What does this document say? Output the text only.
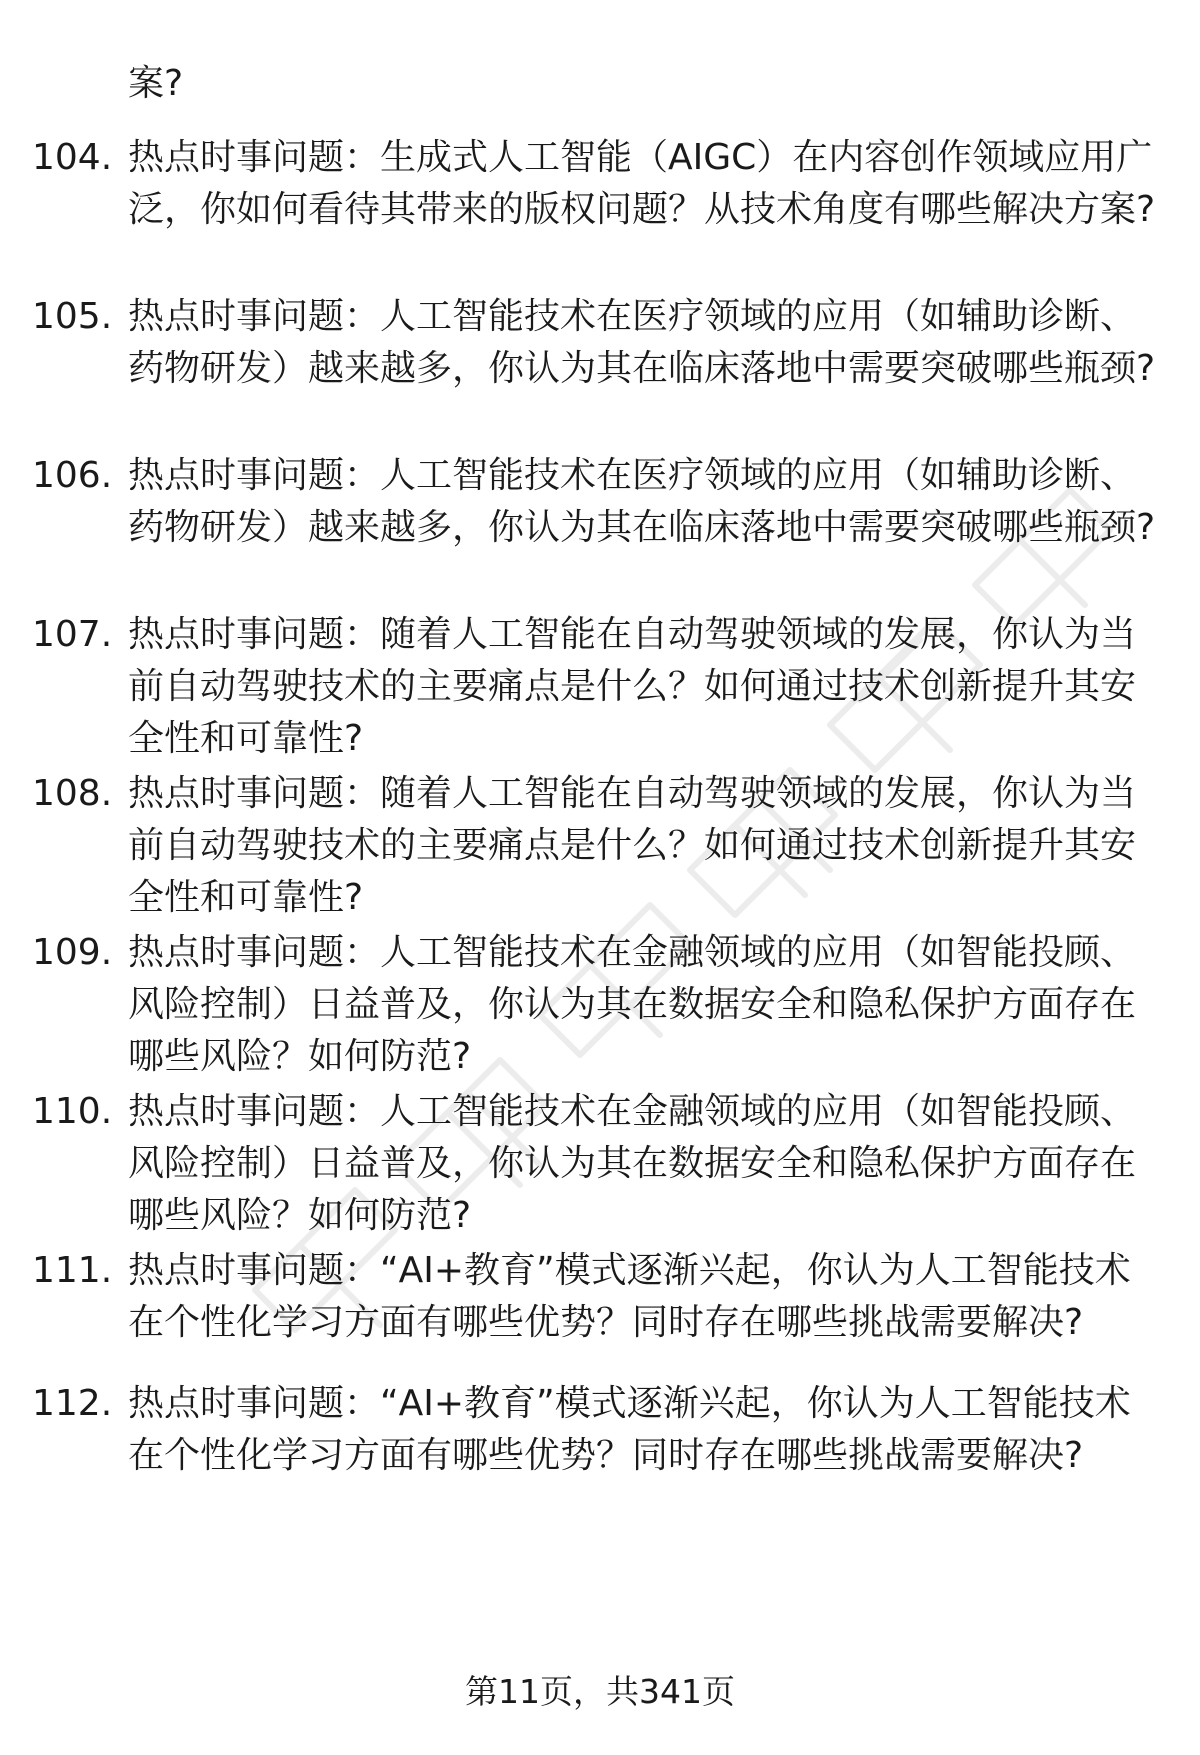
案?
104. 热点时事问题：生成式人工智能（AIGC）在内容创作领域应用广泛，你如何看待其带来的版权问题？从技术角度有哪些解决方案?
105. 热点时事问题：人工智能技术在医疗领域的应用（如辅助诊断、药物研发）越来越多，你认为其在临床落地中需要突破哪些瓶颈?
106. 热点时事问题：人工智能技术在医疗领域的应用（如辅助诊断、药物研发）越来越多，你认为其在临床落地中需要突破哪些瓶颈?
107. 热点时事问题：随着人工智能在自动驾驶领域的发展，你认为当前自动驾驶技术的主要痛点是什么？如何通过技术创新提升其安全性和可靠性?
108. 热点时事问题：随着人工智能在自动驾驶领域的发展，你认为当前自动驾驶技术的主要痛点是什么？如何通过技术创新提升其安全性和可靠性?
109. 热点时事问题：人工智能技术在金融领域的应用（如智能投顾、风险控制）日益普及，你认为其在数据安全和隐私保护方面存在哪些风险？如何防范?
110. 热点时事问题：人工智能技术在金融领域的应用（如智能投顾、风险控制）日益普及，你认为其在数据安全和隐私保护方面存在哪些风险？如何防范?
111. 热点时事问题：“AI+教育”模式逐渐兴起，你认为人工智能技术在个性化学习方面有哪些优势？同时存在哪些挑战需要解决?
112. 热点时事问题：“AI+教育”模式逐渐兴起，你认为人工智能技术在个性化学习方面有哪些优势？同时存在哪些挑战需要解决?
第11页，共341页
